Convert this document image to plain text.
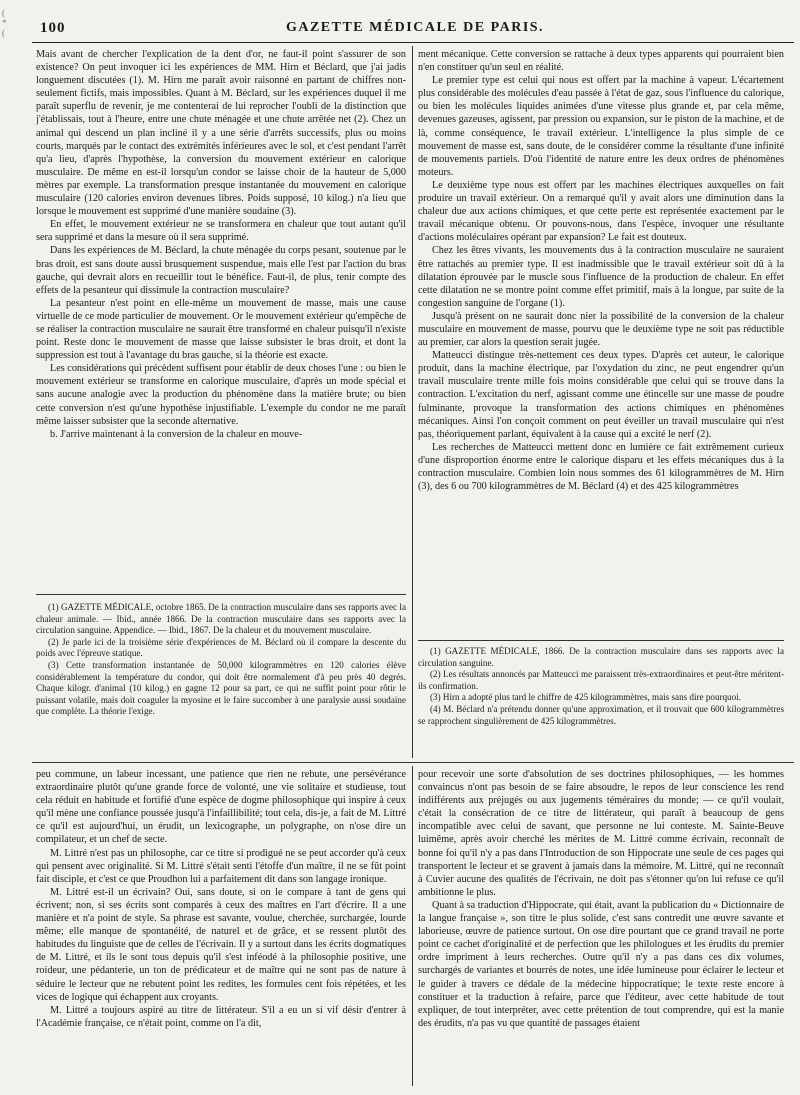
(
*
(	100	GAZETTE MÉDICALE DE PARIS.

Mais avant de chercher l'explication de la dent d'or, ne faut-il point s'assurer de son existence? On peut invoquer ici les expériences de MM. Hirn et Béclard, que j'ai jadis longuement discutées (1). M. Hirn me paraît avoir raisonné en partant de chiffres non-seulement fictifs, mais impossibles. Quant à M. Béclard, sur les expériences duquel il me paraît superflu de revenir, je me contenterai de lui reprocher l'oubli de la distinction que j'établissais, tout à l'heure, entre une chute ménagée et une chute arrêtée net (2). Chez un animal qui descend un plan incliné il y a une série d'arrêts successifs, plus ou moins courts, marqués par le contact des extrémités inférieures avec le sol, et c'est pendant l'arrêt qu'a lieu, d'après l'hypothèse, la conversion du mouvement extérieur en calorique musculaire. De même en est-il lorsqu'un condor se laisse choir de la hauteur de 5,000 mètres par exemple. La transformation presque instantanée du mouvement en calorique musculaire (120 calories environ devenues libres. Poids supposé, 10 kilog.) n'a lieu que lorsque le mouvement est supprimé d'une manière soudaine (3).

En effet, le mouvement extérieur ne se transformera en chaleur que tout autant qu'il sera supprimé et dans la mesure où il sera supprimé.

Dans les expériences de M. Béclard, la chute ménagée du corps pesant, soutenue par le bras droit, est sans doute aussi brusquement suspendue, mais elle l'est par l'action du bras gauche, qui devrait alors en recueillir tout le bénéfice. Faut-il, de plus, tenir compte des effets de la pesanteur qui dissimule la contraction musculaire?

La pesanteur n'est point en elle-même un mouvement de masse, mais une cause virtuelle de ce mode particulier de mouvement. Or le mouvement extérieur qu'empêche de se réaliser la contraction musculaire ne saurait être transformé en chaleur puisqu'il n'existe point. Reste donc le mouvement de masse que laisse subsister le bras droit, et dont la suppression est tout à l'avantage du bras gauche, si la théorie est exacte.

Les considérations qui précèdent suffisent pour établir de deux choses l'une : ou bien le mouvement extérieur se transforme en calorique musculaire, d'après un mode spécial et sans aucune analogie avec la production du phénomène dans la matière brute; ou bien cette conversion n'est qu'une hypothèse injustifiable. L'exemple du condor ne me paraît même laisser subsister que la seconde alternative.

b. J'arrive maintenant à la conversion de la chaleur en mouve-

ment mécanique. Cette conversion se rattache à deux types apparents qui pourraient bien n'en constituer qu'un seul en réalité.

Le premier type est celui qui nous est offert par la machine à vapeur. L'écartement plus considérable des molécules d'eau passée à l'état de gaz, sous l'influence du calorique, ou bien les molécules liquides animées d'une vitesse plus grande et, par cela même, devenues gazeuses, agissent, par pression ou expansion, sur le piston de la machine, et de là, comme conséquence, le travail extérieur. L'intelligence la plus simple de ce mouvement de masse est, sans doute, de le considérer comme la résultante d'une infinité de mouvements partiels. D'où l'identité de nature entre les deux ordres de phénomènes moteurs.

Le deuxième type nous est offert par les machines électriques auxquelles on fait produire un travail extérieur. On a remarqué qu'il y avait alors une diminution dans la chaleur due aux actions chimiques, et que cette perte est représentée exactement par le travail mécanique obtenu. Or pouvons-nous, dans l'espèce, invoquer une résultante d'actions moléculaires opérant par expansion? Le fait est douteux.

Chez les êtres vivants, les mouvements dus à la contraction musculaire ne sauraient être rattachés au premier type. Il est inadmissible que le travail extérieur soit dû à la dilatation éprouvée par le muscle sous l'influence de la production de chaleur. En effet cette dilatation ne se montre point comme effet primitif, mais à la longue, par suite de la congestion sanguine de l'organe (1).

Jusqu'à présent on ne saurait donc nier la possibilité de la conversion de la chaleur musculaire en mouvement de masse, pourvu que le deuxième type ne soit pas réductible au premier, car alors la question serait jugée.

Matteucci distingue très-nettement ces deux types. D'après cet auteur, le calorique produit, dans la machine électrique, par l'oxydation du zinc, ne peut engendrer qu'un travail musculaire trente mille fois moins considérable que celui qui se trouve dans la contraction. L'excitation du nerf, agissant comme une étincelle sur une masse de poudre fulminante, provoque la transformation des actions chimiques en phénomènes mécaniques. Ainsi l'on conçoit comment on peut éveiller un travail musculaire qui n'est pas, théoriquement parlant, équivalent à la cause qui a excité le nerf (2).

Les recherches de Matteucci mettent donc en lumière ce fait extrêmement curieux d'une disproportion énorme entre le calorique disparu et les effets mécaniques dus à la contraction musculaire. Combien loin nous sommes des 61 kilogrammètres de M. Hirn (3), des 6 ou 700 kilogrammètres de M. Béclard (4) et des 425 kilogrammètres

(1) GAZETTE MÉDICALE, octobre 1865. De la contraction musculaire dans ses rapports avec la chaleur animale. — Ibid., année 1866. De la contraction musculaire dans ses rapports avec la circulation sanguine. Appendice. — Ibid., 1867. De la chaleur et du mouvement musculaire.

(2) Je parle ici de la troisième série d'expériences de M. Béclard où il compare la descente du poids avec l'épreuve statique.

(3) Cette transformation instantanée de 50,000 kilogrammètres en 120 calories élève considérablement la température du condor, qui doit être normalement d'à peu près 40 degrés. Chaque kilogr. d'animal (10 kilog.) en gagne 12 pour sa part, ce qui ne suffit point pour rôtir le puissant volatile, mais doit coaguler la myosine et le faire succomber à une paralysie aussi soudaine que complète. La théorie l'exige.

(1) GAZETTE MÉDICALE, 1866. De la contraction musculaire dans ses rapports avec la circulation sanguine.

(2) Les résultats annoncés par Matteucci me paraissent très-extraordinaires et peut-être méritent-ils confirmation.

(3) Hirn a adopté plus tard le chiffre de 425 kilogrammètres, mais sans dire pourquoi.

(4) M. Béclard n'a prétendu donner qu'une approximation, et il trouvait que 600 kilogrammètres se rapprochent singulièrement de 425 kilogrammètres.

peu commune, un labeur incessant, une patience que rien ne rebute, une persévérance extraordinaire plutôt qu'une grande force de volonté, une vie solitaire et studieuse, tout cela réduit en habitude et fortifié d'une espèce de dogme philosophique qui inspire à ceux qu'il mène une confiance poussée jusqu'à l'infaillibilité; tout cela, dis-je, a fait de M. Littré ce qu'il est aujourd'hui, un érudit, un lexicographe, un polygraphe, on n'ose dire un compilateur, et un chef de secte.

M. Littré n'est pas un philosophe, car ce titre si prodigué ne se peut accorder qu'à ceux qui pensent avec originalité. Si M. Littré s'était senti l'étoffe d'un maître, il ne se fût point fait disciple, et c'est ce que Proudhon lui a parfaitement dit dans son langage ironique.

M. Littré est-il un écrivain? Oui, sans doute, si on le compare à tant de gens qui écrivent; non, si ses écrits sont comparés à ceux des maîtres en l'art d'écrire. Il a une manière et n'a point de style. Sa phrase est savante, voulue, cherchée, surchargée, lourde même; elle manque de spontanéité, de naturel et de grâce, et se ressent plutôt des habitudes du linguiste que de celles de l'écrivain. Il y a surtout dans les écrits dogmatiques de M. Littré, et ils le sont tous depuis qu'il s'est inféodé à la philosophie positive, une roideur, une pédanterie, un ton de prédicateur et de maître qui ne sont pas de nature à séduire le lecteur que ne rebutent point les redites, les formules cent fois répétées, et les vices de logique qui échappent aux croyants.

M. Littré a toujours aspiré au titre de littérateur. S'il a eu un si vif désir d'entrer à l'Académie française, ce n'était point, comme on l'a dit,

pour recevoir une sorte d'absolution de ses doctrines philosophiques, — les hommes convaincus n'ont pas besoin de se faire absoudre, le repos de leur conscience les rend indifférents aux préjugés ou aux jugements téméraires du monde; — ce qu'il voulait, c'était la consécration de ce titre de littérateur, qui paraît à beaucoup de gens incompatible avec celui de savant, que personne ne lui conteste. M. Sainte-Beuve luimême, après avoir cherché les mérites de M. Littré comme écrivain, reconnaît de bonne foi qu'il n'y a pas dans l'Introduction de son Hippocrate une seule de ces pages qui transportent le lecteur et se gravent à jamais dans la mémoire. M. Littré, qui ne reconnaît à Cuvier aucune des qualités de l'écrivain, ne doit pas s'étonner qu'on lui refuse ce qu'il ambitionne le plus.

Quant à sa traduction d'Hippocrate, qui était, avant la publication du « Dictionnaire de la langue française », son titre le plus solide, c'est sans contredit une œuvre savante et laborieuse, œuvre de patience surtout. On ose dire pourtant que ce grand travail ne porte point ce cachet d'originalité et de perfection que les philologues et les érudits du premier ordre impriment à leurs recherches. Outre qu'il n'y a pas dans ces dix volumes, surchargés de variantes et bourrés de notes, une idée lumineuse pour éclairer le lecteur et le guider à travers ce dédale de la médecine hippocratique; le texte reste encore à constituer et la traduction à refaire, parce que l'éditeur, avec cette habitude de tout expliquer, de tout interpréter, avec cette prétention de tout comprendre, qui est la manie des érudits, n'a pas vu que quantité de passages étaient
